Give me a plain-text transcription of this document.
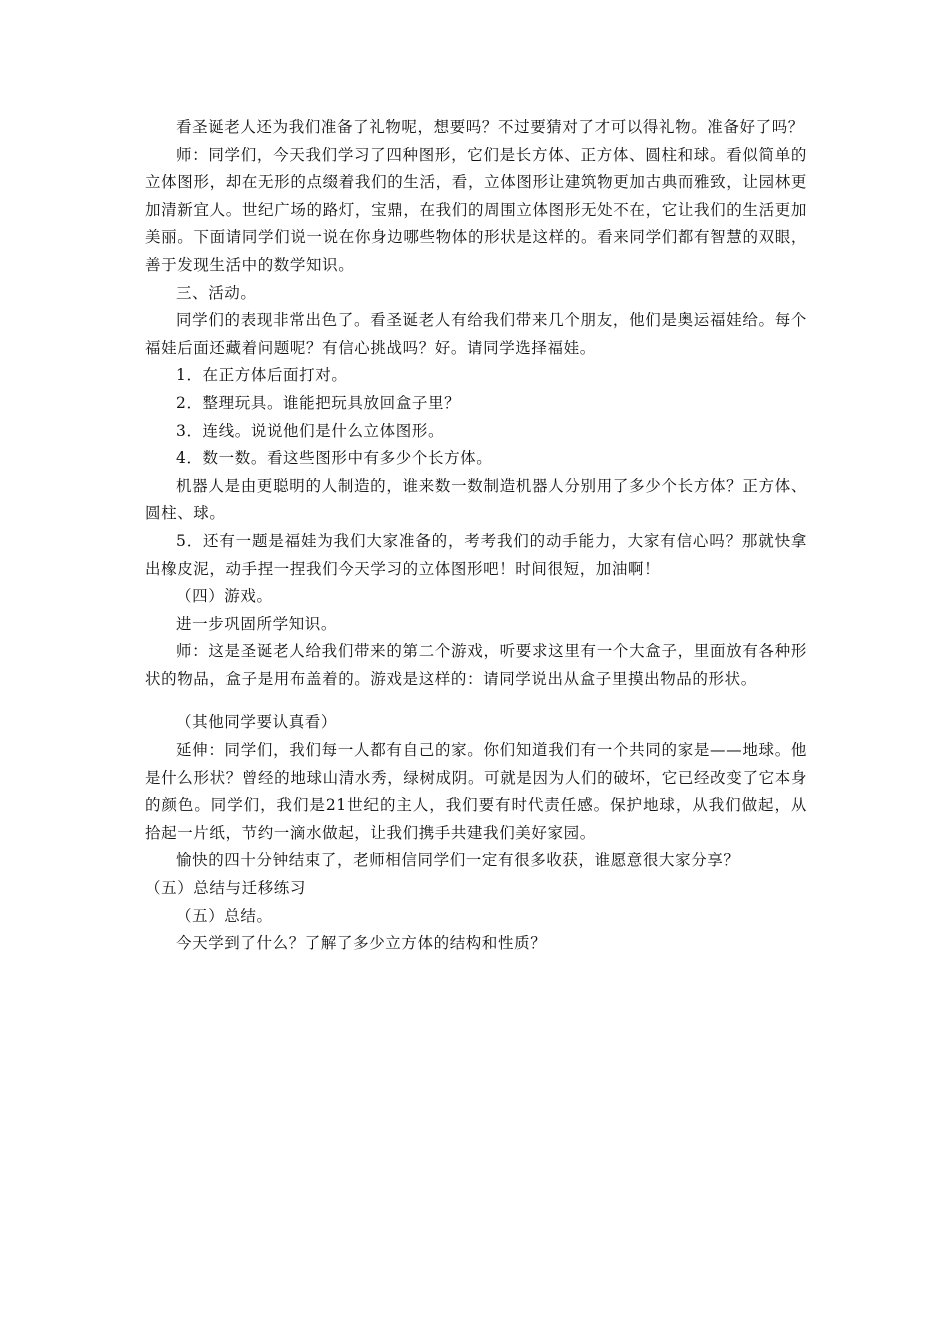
看圣诞老人还为我们准备了礼物呢，想要吗？不过要猜对了才可以得礼物。准备好了吗？

师：同学们，今天我们学习了四种图形，它们是长方体、正方体、圆柱和球。看似简单的立体图形，却在无形的点缀着我们的生活，看，立体图形让建筑物更加古典而雅致，让园林更加清新宜人。世纪广场的路灯，宝鼎，在我们的周围立体图形无处不在，它让我们的生活更加美丽。下面请同学们说一说在你身边哪些物体的形状是这样的。看来同学们都有智慧的双眼，善于发现生活中的数学知识。

三、活动。

同学们的表现非常出色了。看圣诞老人有给我们带来几个朋友，他们是奥运福娃给。每个福娃后面还藏着问题呢？有信心挑战吗？好。请同学选择福娃。

1．在正方体后面打对。

2．整理玩具。谁能把玩具放回盒子里？

3．连线。说说他们是什么立体图形。

4．数一数。看这些图形中有多少个长方体。

机器人是由更聪明的人制造的，谁来数一数制造机器人分别用了多少个长方体？正方体、圆柱、球。

5．还有一题是福娃为我们大家准备的，考考我们的动手能力，大家有信心吗？那就快拿出橡皮泥，动手捏一捏我们今天学习的立体图形吧！时间很短，加油啊！

（四）游戏。

进一步巩固所学知识。

师：这是圣诞老人给我们带来的第二个游戏，听要求这里有一个大盒子，里面放有各种形状的物品，盒子是用布盖着的。游戏是这样的：请同学说出从盒子里摸出物品的形状。

（其他同学要认真看）

延伸：同学们，我们每一人都有自己的家。你们知道我们有一个共同的家是——地球。他是什么形状？曾经的地球山清水秀，绿树成阴。可就是因为人们的破坏，它已经改变了它本身的颜色。同学们，我们是21世纪的主人，我们要有时代责任感。保护地球，从我们做起，从拾起一片纸，节约一滴水做起，让我们携手共建我们美好家园。

愉快的四十分钟结束了，老师相信同学们一定有很多收获，谁愿意很大家分享？

（五）总结与迁移练习

（五）总结。

今天学到了什么？了解了多少立方体的结构和性质？
